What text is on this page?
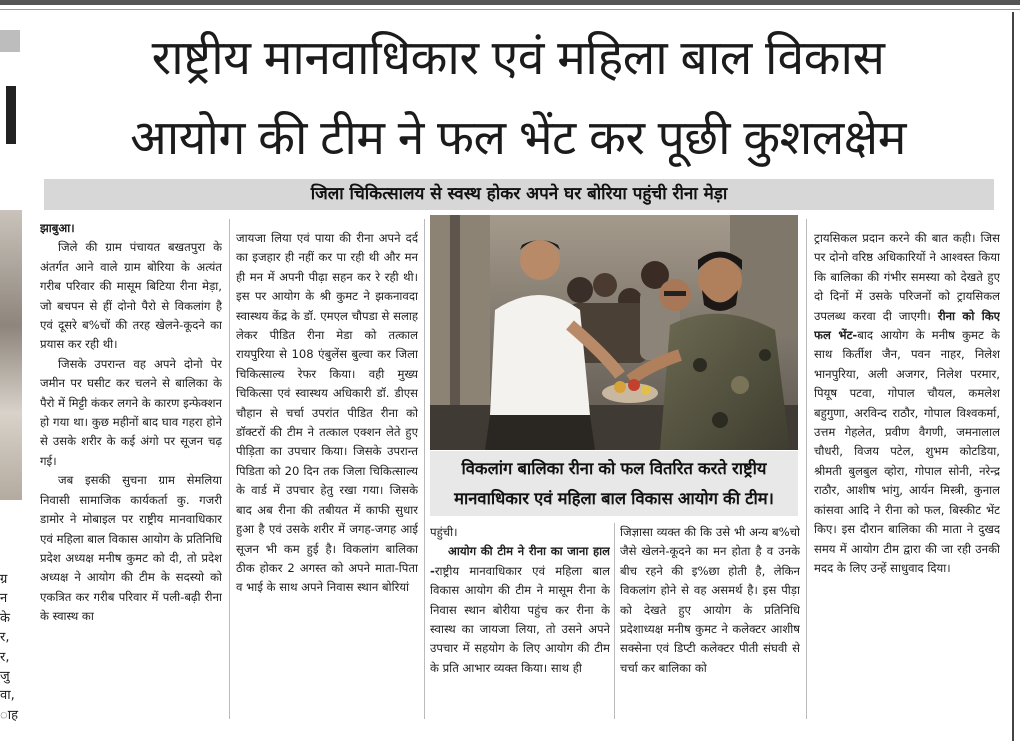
ग्र
न
के
र,
र,
जु
वा,
ाह
राष्ट्रीय मानवाधिकार एवं महिला बाल विकास
आयोग की टीम ने फल भेंट कर पूछी कुशलक्षेम
जिला चिकित्सालय से स्वस्थ होकर अपने घर बोरिया पहुंची रीना मेड़ा

झाबुआ।

जिले की ग्राम पंचायत बखतपुरा के अंतर्गत आने वाले ग्राम बोरिया के अत्यंत गरीब परिवार की मासूम बिटिया रीना मेड़ा, जो बचपन से हीं दोनो पैरो से विकलांग है एवं दूसरे ब%चों की तरह खेलने-कूदने का प्रयास कर रही थी।

जिसके उपरान्त वह अपने दोनो पेर जमीन पर घसीट कर चलने से बालिका के पैरो में मिट्टी कंकर लगने के कारण इन्फेक्शन हो गया था। कुछ महीनों बाद घाव गहरा होने से उसके शरीर के कई अंगो पर सूजन चढ़ गई।

जब इसकी सुचना ग्राम सेमलिया निवासी सामाजिक कार्यकर्ता कु. गजरी डामोर ने मोबाइल पर राष्ट्रीय मानवाधिकार एवं महिला बाल विकास आयोग के प्रतिनिधि प्रदेश अध्यक्ष मनीष कुमट को दी, तो प्रदेश अध्यक्ष ने आयोग की टीम के सदस्यो को एकत्रित कर गरीब परिवार में पली-बढ़ी रीना के स्वास्थ का

जायजा लिया एवं पाया की रीना अपने दर्द का इजहार ही नहीं कर पा रही थी और मन ही मन में अपनी पीढ़ा सहन कर रे रही थी। इस पर आयोग के श्री कुमट ने झकनावदा स्वास्थय केंद्र के डॉ. एमएल चौपडा से सलाह लेकर पीडित रीना मेडा को तत्काल रायपुरिया से 108 एंबुलेंस बुल्वा कर जिला चिकित्साल्य रेफर किया। वही मुख्य चिकित्सा एवं स्वास्थय अधिकारी डॉ. डीएस चौहान से चर्चा उपरांत पीडित रीना को डॉक्टरों की टीम ने तत्काल एक्शन लेते हुए पीड़िता का उपचार किया। जिसके उपरान्त पिडिता को 20 दिन तक जिला चिकित्साल्य के वार्ड में उपचार हेतु रखा गया। जिसके बाद अब रीना की तबीयत में काफी सुधार हुआ है एवं उसके शरीर में जगह-जगह आई सूजन भी कम हुई है। विकलांग बालिका ठीक होकर 2 अगस्त को अपने माता-पिता व भाई के साथ अपने निवास स्थान बोरियां

विकलांग बालिका रीना को फल वितरित करते राष्ट्रीय
मानवाधिकार एवं महिला बाल विकास आयोग की टीम।

पहुंची।

आयोग की टीम ने रीना का जाना हाल -राष्ट्रीय मानवाधिकार एवं महिला बाल विकास आयोग की टीम ने मासूम रीना के निवास स्थान बोरीया पहुंच कर रीना के स्वास्थ का जायजा लिया, तो उसने अपने उपचार में सहयोग के लिए आयोग की टीम के प्रति आभार व्यक्त किया। साथ ही

जिज्ञासा व्यक्त की कि उसे भी अन्य ब%चो जैसे खेलने-कूदने का मन होता है व उनके बीच रहने की इ%छा होती है, लेकिन विकलांग होने से वह असमर्थ है। इस पीड़ा को देखते हुए आयोग के प्रतिनिधि प्रदेशाध्यक्ष मनीष कुमट ने कलेक्टर आशीष सक्सेना एवं डिप्टी कलेक्टर पीती संघवी से चर्चा कर बालिका को

ट्रायसिकल प्रदान करने की बात कही। जिस पर दोनो वरिष्ठ अधिकारियों ने आश्वस्त किया कि बालिका की गंभीर समस्या को देखते हुए दो दिनों में उसके परिजनों को ट्रायसिकल उपलब्ध करवा दी जाएगी। रीना को किए फल भेंट-बाद आयोग के मनीष कुमट के साथ किर्तीश जैन, पवन नाहर, निलेश भानपुरिया, अली अजगर, निलेश परमार, पियूष पटवा, गोपाल चौयल, कमलेश बहुगुणा, अरविन्द राठौर, गोपाल विश्वकर्मा, उत्तम गेहलेत, प्रवीण वैगणी, जमनालाल चौधरी, विजय पटेल, शुभम कोटडिया, श्रीमती बुलबुल व्होरा, गोपाल सोनी, नरेन्द्र राठौर, आशीष भांगु, आर्यन मिस्त्री, कुनाल कांसवा आदि ने रीना को फल, बिस्कीट भेंट किए। इस दौरान बालिका की माता ने दुखद समय में आयोग टीम द्वारा की जा रही उनकी मदद के लिए उन्हें साधुवाद दिया।
